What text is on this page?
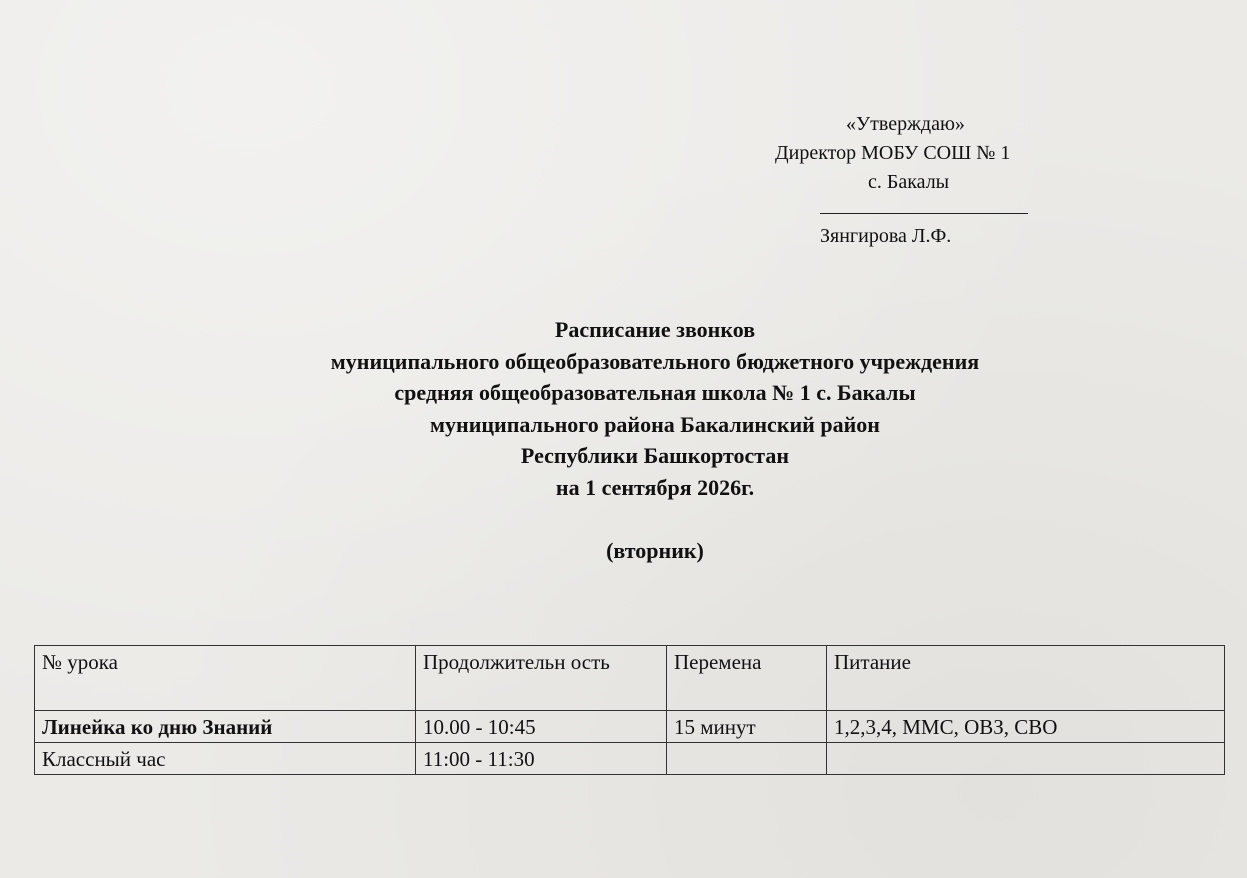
«Утверждаю»
Директор МОБУ СОШ № 1
с. Бакалы
Зянгирова Л.Ф.
Расписание звонков
муниципального общеобразовательного бюджетного учреждения
средняя общеобразовательная школа № 1 с. Бакалы
муниципального района Бакалинский район
Республики Башкортостан
на 1 сентября 2026г.
(вторник)
№ урока	Продолжительн ость	Перемена	Питание
Линейка ко дню Знаний	10.00 - 10:45	15 минут	1,2,3,4, ММС, ОВЗ, СВО
Классный час	11:00 - 11:30		
